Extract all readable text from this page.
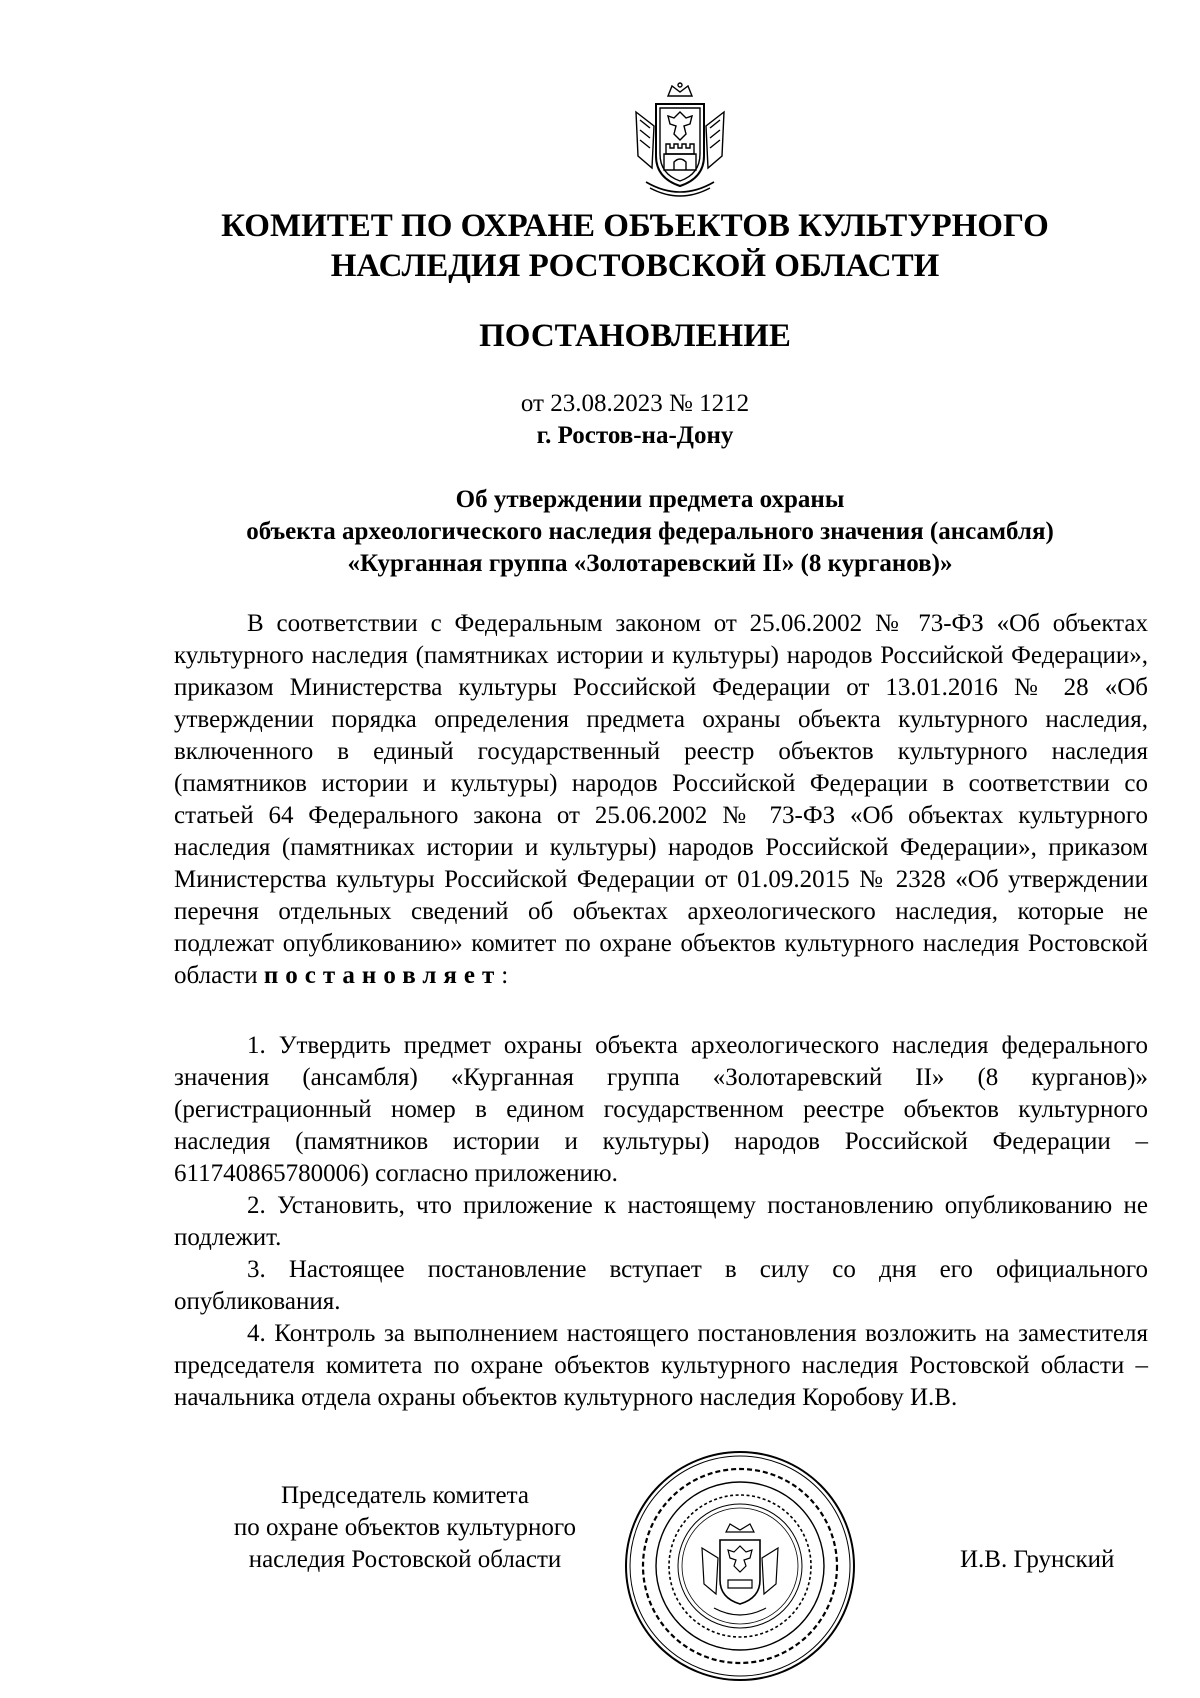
КОМИТЕТ ПО ОХРАНЕ ОБЪЕКТОВ КУЛЬТУРНОГО
НАСЛЕДИЯ РОСТОВСКОЙ ОБЛАСТИ
ПОСТАНОВЛЕНИЕ
от 23.08.2023 № 1212
г. Ростов-на-Дону
Об утверждении предмета охраны
объекта археологического наследия федерального значения (ансамбля)
«Курганная группа «Золотаревский II» (8 курганов)»

В соответствии с Федеральным законом от 25.06.2002 № 73-ФЗ «Об объектах культурного наследия (памятниках истории и культуры) народов Российской Федерации», приказом Министерства культуры Российской Федерации от 13.01.2016 № 28 «Об утверждении порядка определения предмета охраны объекта культурного наследия, включенного в единый государственный реестр объектов культурного наследия (памятников истории и культуры) народов Российской Федерации в соответствии со статьей 64 Федерального закона от 25.06.2002 № 73-ФЗ «Об объектах культурного наследия (памятниках истории и культуры) народов Российской Федерации», приказом Министерства культуры Российской Федерации от 01.09.2015 № 2328 «Об утверждении перечня отдельных сведений об объектах археологического наследия, которые не подлежат опубликованию» комитет по охране объектов культурного наследия Ростовской области постановляет:

1. Утвердить предмет охраны объекта археологического наследия федерального значения (ансамбля) «Курганная группа «Золотаревский II» (8 курганов)» (регистрационный номер в едином государственном реестре объектов культурного наследия (памятников истории и культуры) народов Российской Федерации – 611740865780006) согласно приложению.

2. Установить, что приложение к настоящему постановлению опубликованию не подлежит.

3. Настоящее постановление вступает в силу со дня его официального опубликования.

4. Контроль за выполнением настоящего постановления возложить на заместителя председателя комитета по охране объектов культурного наследия Ростовской области – начальника отдела охраны объектов культурного наследия Коробову И.В.

Председатель комитета
по охране объектов культурного
наследия Ростовской области	И.В. Грунский
